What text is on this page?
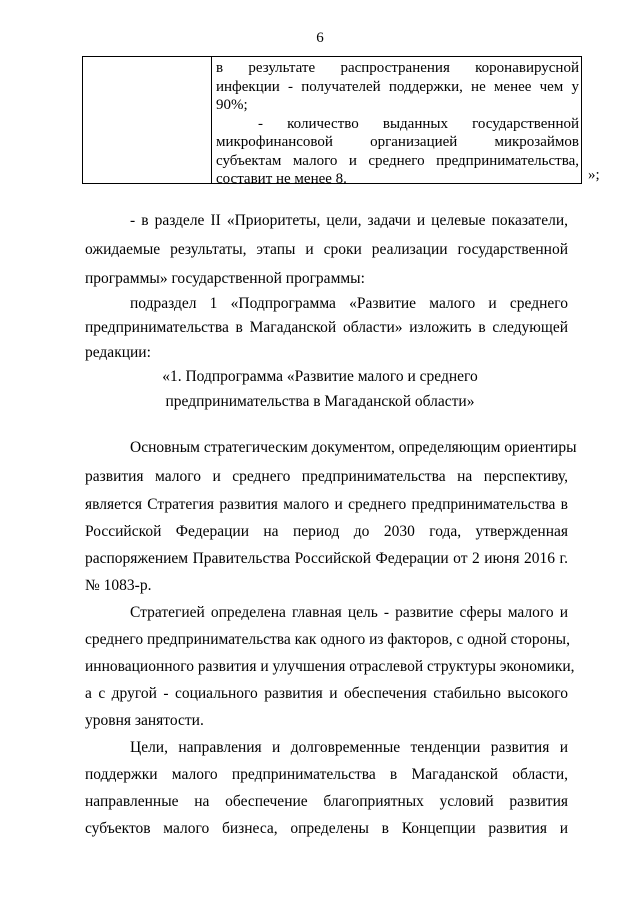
6
в результате распространения коронавирусной
инфекции - получателей поддержки, не менее чем у
90%;
- количество выданных государственной
микрофинансовой организацией микрозаймов
субъектам малого и среднего предпринимательства,
составит не менее 8.	»;
- в разделе II «Приоритеты, цели, задачи и целевые показатели,
ожидаемые результаты, этапы и сроки реализации государственной
программы» государственной программы:
подраздел 1 «Подпрограмма «Развитие малого и среднего
предпринимательства в Магаданской области» изложить в следующей
редакции:
«1. Подпрограмма «Развитие малого и среднего
предпринимательства в Магаданской области»
Основным стратегическим документом, определяющим ориентиры
развития малого и среднего предпринимательства на перспективу,
является Стратегия развития малого и среднего предпринимательства в
Российской Федерации на период до 2030 года, утвержденная
распоряжением Правительства Российской Федерации от 2 июня 2016 г.
№ 1083-р.
Стратегией определена главная цель - развитие сферы малого и
среднего предпринимательства как одного из факторов, с одной стороны,
инновационного развития и улучшения отраслевой структуры экономики,
а с другой - социального развития и обеспечения стабильно высокого
уровня занятости.
Цели, направления и долговременные тенденции развития и
поддержки малого предпринимательства в Магаданской области,
направленные на обеспечение благоприятных условий развития
субъектов малого бизнеса, определены в Концепции развития и
